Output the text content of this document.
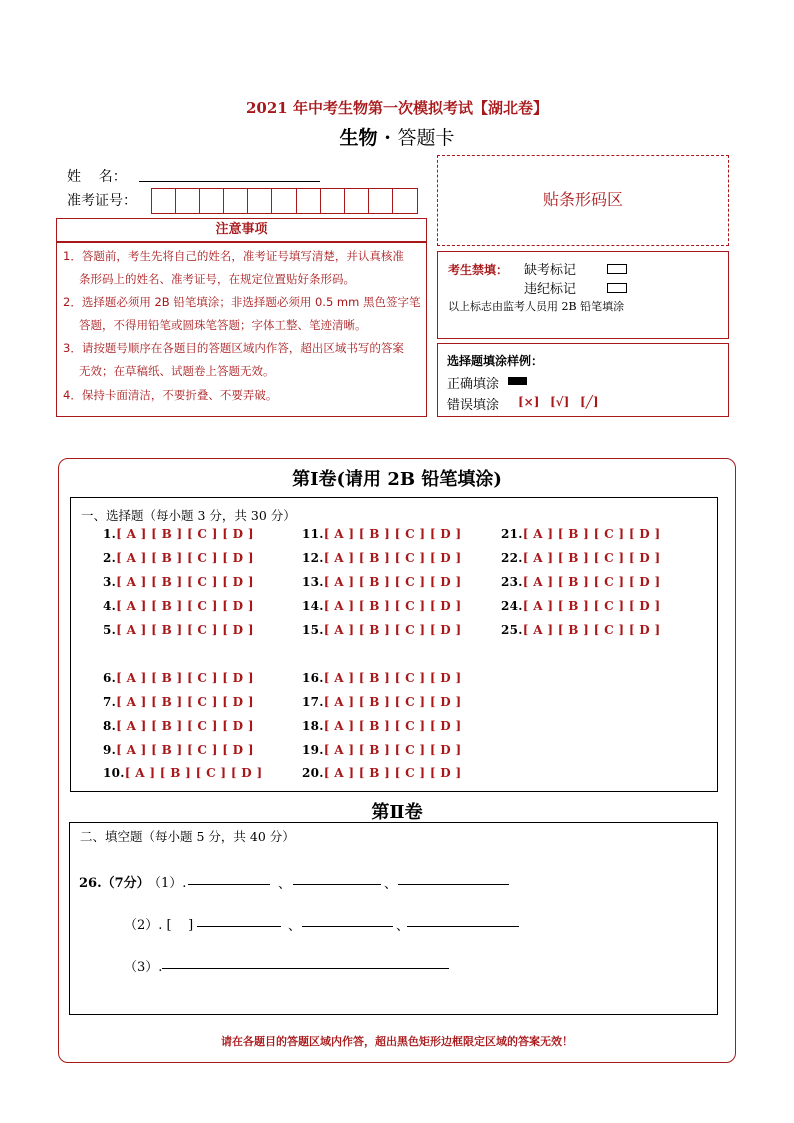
2021 年中考生物第一次模拟考试【湖北卷】
生物 · 答题卡
姓    名：
准考证号：	贴条形码区
注意事项
1．答题前，考生先将自己的姓名，准考证号填写清楚，并认真核准
条形码上的姓名、准考证号，在规定位置贴好条形码。
2．选择题必须用 2B 铅笔填涂；非选择题必须用 0.5 mm 黑色签字笔
答题，不得用铅笔或圆珠笔答题；字体工整、笔迹清晰。
3．请按题号顺序在各题目的答题区域内作答，超出区域书写的答案
无效；在草稿纸、试题卷上答题无效。
4．保持卡面清洁，不要折叠、不要弄破。
考生禁填： 缺考标记
违纪标记
以上标志由监考人员用 2B 铅笔填涂
选择题填涂样例：
正确填涂
错误填涂 [×] [√] [╱]
第Ⅰ卷(请用 2B 铅笔填涂)
一、选择题（每小题 3 分，共 30 分）
1.[ A ] [ B ] [ C ] [ D ]
2.[ A ] [ B ] [ C ] [ D ]
3.[ A ] [ B ] [ C ] [ D ]
4.[ A ] [ B ] [ C ] [ D ]
5.[ A ] [ B ] [ C ] [ D ]
6.[ A ] [ B ] [ C ] [ D ]
7.[ A ] [ B ] [ C ] [ D ]
8.[ A ] [ B ] [ C ] [ D ]
9.[ A ] [ B ] [ C ] [ D ]
10.[ A ] [ B ] [ C ] [ D ]
11.[ A ] [ B ] [ C ] [ D ]
12.[ A ] [ B ] [ C ] [ D ]
13.[ A ] [ B ] [ C ] [ D ]
14.[ A ] [ B ] [ C ] [ D ]
15.[ A ] [ B ] [ C ] [ D ]
16.[ A ] [ B ] [ C ] [ D ]
17.[ A ] [ B ] [ C ] [ D ]
18.[ A ] [ B ] [ C ] [ D ]
19.[ A ] [ B ] [ C ] [ D ]
20.[ A ] [ B ] [ C ] [ D ]
21.[ A ] [ B ] [ C ] [ D ]
22.[ A ] [ B ] [ C ] [ D ]
23.[ A ] [ B ] [ C ] [ D ]
24.[ A ] [ B ] [ C ] [ D ]
25.[ A ] [ B ] [ C ] [ D ]
第Ⅱ卷
二、填空题（每小题 5 分，共 40 分）
26.（7分）
（1）.	、	、
（2）. [    ]	、	、
（3）.
请在各题目的答题区域内作答，超出黑色矩形边框限定区域的答案无效！
